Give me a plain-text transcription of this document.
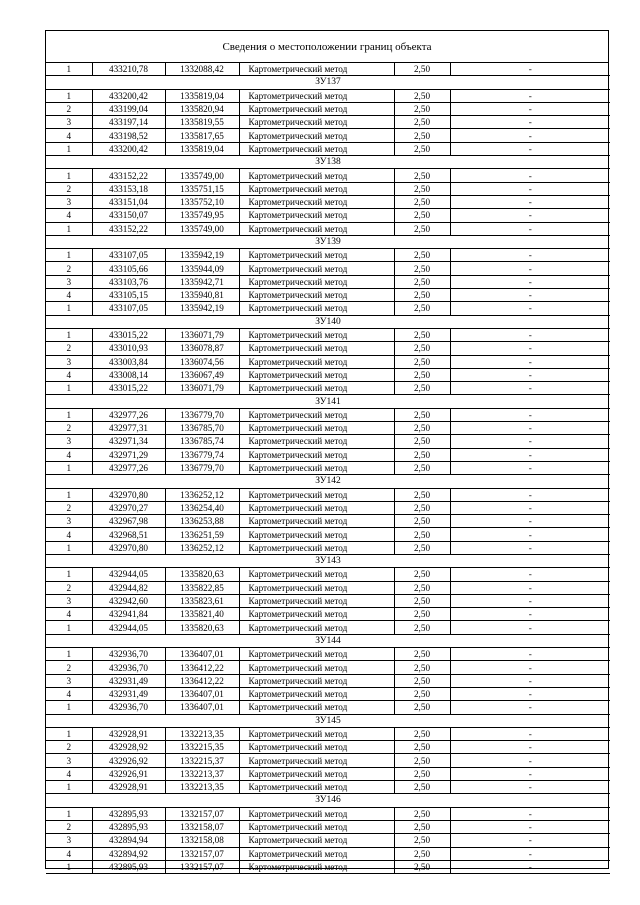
Сведения о местоположении границ объекта
1	433210,78	1332088,42	Картометрический метод	2,50	-
ЗУ137					
1	433200,42	1335819,04	Картометрический метод	2,50	-
2	433199,04	1335820,94	Картометрический метод	2,50	-
3	433197,14	1335819,55	Картометрический метод	2,50	-
4	433198,52	1335817,65	Картометрический метод	2,50	-
1	433200,42	1335819,04	Картометрический метод	2,50	-
ЗУ138					
1	433152,22	1335749,00	Картометрический метод	2,50	-
2	433153,18	1335751,15	Картометрический метод	2,50	-
3	433151,04	1335752,10	Картометрический метод	2,50	-
4	433150,07	1335749,95	Картометрический метод	2,50	-
1	433152,22	1335749,00	Картометрический метод	2,50	-
ЗУ139					
1	433107,05	1335942,19	Картометрический метод	2,50	-
2	433105,66	1335944,09	Картометрический метод	2,50	-
3	433103,76	1335942,71	Картометрический метод	2,50	-
4	433105,15	1335940,81	Картометрический метод	2,50	-
1	433107,05	1335942,19	Картометрический метод	2,50	-
ЗУ140					
1	433015,22	1336071,79	Картометрический метод	2,50	-
2	433010,93	1336078,87	Картометрический метод	2,50	-
3	433003,84	1336074,56	Картометрический метод	2,50	-
4	433008,14	1336067,49	Картометрический метод	2,50	-
1	433015,22	1336071,79	Картометрический метод	2,50	-
ЗУ141					
1	432977,26	1336779,70	Картометрический метод	2,50	-
2	432977,31	1336785,70	Картометрический метод	2,50	-
3	432971,34	1336785,74	Картометрический метод	2,50	-
4	432971,29	1336779,74	Картометрический метод	2,50	-
1	432977,26	1336779,70	Картометрический метод	2,50	-
ЗУ142					
1	432970,80	1336252,12	Картометрический метод	2,50	-
2	432970,27	1336254,40	Картометрический метод	2,50	-
3	432967,98	1336253,88	Картометрический метод	2,50	-
4	432968,51	1336251,59	Картометрический метод	2,50	-
1	432970,80	1336252,12	Картометрический метод	2,50	-
ЗУ143					
1	432944,05	1335820,63	Картометрический метод	2,50	-
2	432944,82	1335822,85	Картометрический метод	2,50	-
3	432942,60	1335823,61	Картометрический метод	2,50	-
4	432941,84	1335821,40	Картометрический метод	2,50	-
1	432944,05	1335820,63	Картометрический метод	2,50	-
ЗУ144					
1	432936,70	1336407,01	Картометрический метод	2,50	-
2	432936,70	1336412,22	Картометрический метод	2,50	-
3	432931,49	1336412,22	Картометрический метод	2,50	-
4	432931,49	1336407,01	Картометрический метод	2,50	-
1	432936,70	1336407,01	Картометрический метод	2,50	-
ЗУ145					
1	432928,91	1332213,35	Картометрический метод	2,50	-
2	432928,92	1332215,35	Картометрический метод	2,50	-
3	432926,92	1332215,37	Картометрический метод	2,50	-
4	432926,91	1332213,37	Картометрический метод	2,50	-
1	432928,91	1332213,35	Картометрический метод	2,50	-
ЗУ146					
1	432895,93	1332157,07	Картометрический метод	2,50	-
2	432895,93	1332158,07	Картометрический метод	2,50	-
3	432894,94	1332158,08	Картометрический метод	2,50	-
4	432894,92	1332157,07	Картометрический метод	2,50	-
1	432895,93	1332157,07	Картометрический метод	2,50	-
